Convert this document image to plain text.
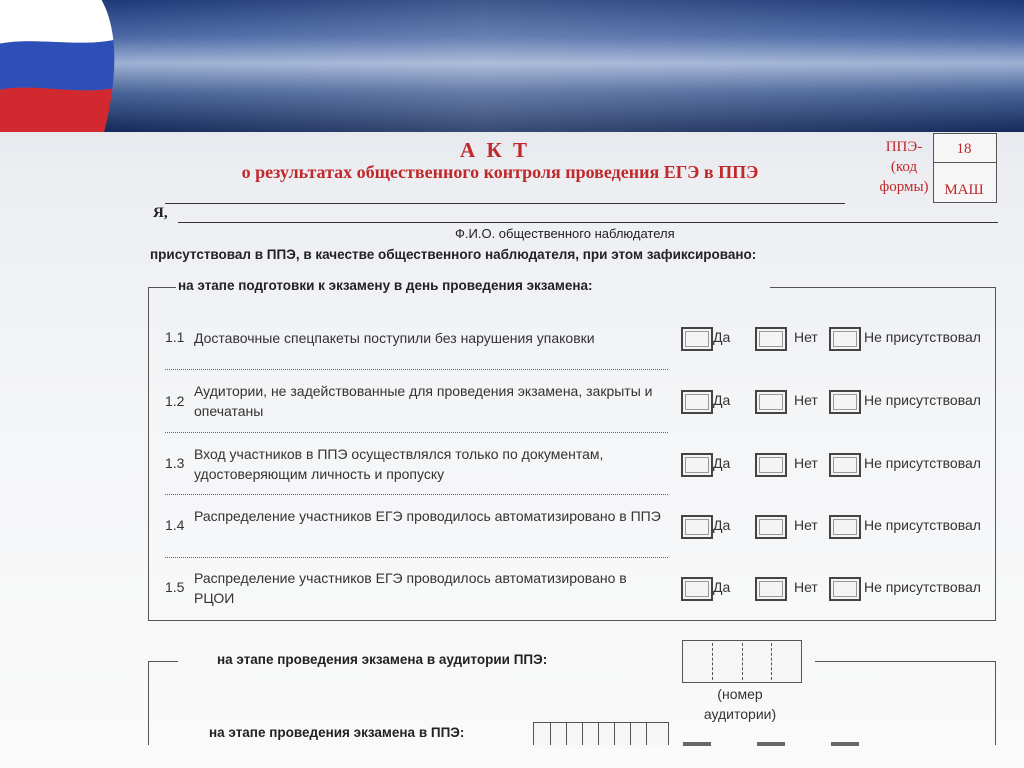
А К Т
о результатах общественного контроля проведения ЕГЭ в ППЭ
ППЭ-
(код
формы)
18
МАШ
Я,
Ф.И.О. общественного наблюдателя
присутствовал в ППЭ, в качестве общественного наблюдателя, при этом зафиксировано:
на этапе подготовки к экзамену в день проведения экзамена:
1.1 Доставочные спецпакеты поступили без нарушения упаковки	Да	Нет	Не присутствовал
1.2
Аудитории, не задействованные для проведения экзамена, закрыты и опечатаны
Да	Нет	Не присутствовал
1.3
Вход участников в ППЭ осуществлялся только по документам, удостоверяющим личность и пропуску
Да	Нет	Не присутствовал
1.4
Распределение участников ЕГЭ проводилось автоматизировано в ППЭ
Да	Нет	Не присутствовал
1.5
Распределение участников ЕГЭ проводилось автоматизировано в РЦОИ
Да	Нет	Не присутствовал
на этапе проведения экзамена в аудитории ППЭ:
(номер
аудитории)
на этапе проведения экзамена в ППЭ:
